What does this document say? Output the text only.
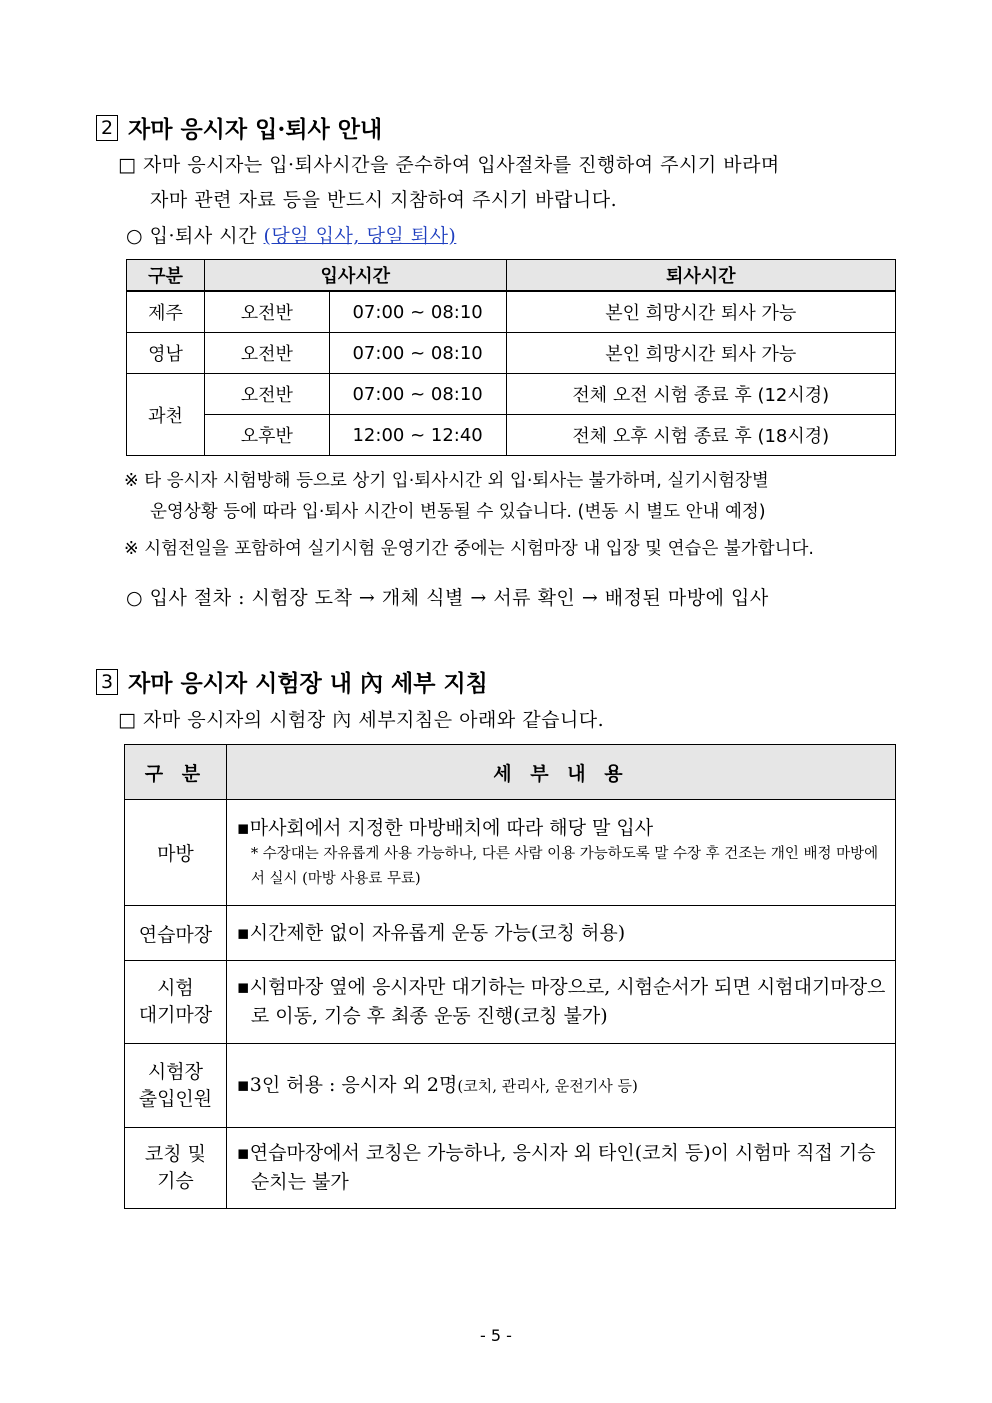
2 자마 응시자 입·퇴사 안내
□ 자마 응시자는 입·퇴사시간을 준수하여 입사절차를 진행하여 주시기 바라며
자마 관련 자료 등을 반드시 지참하여 주시기 바랍니다.
○ 입·퇴사 시간 (당일 입사, 당일 퇴사)
구분	입사시간		퇴사시간
제주	오전반	07:00 ~ 08:10	본인 희망시간 퇴사 가능
영남	오전반	07:00 ~ 08:10	본인 희망시간 퇴사 가능
과천	오전반	07:00 ~ 08:10	전체 오전 시험 종료 후 (12시경)
	오후반	12:00 ~ 12:40	전체 오후 시험 종료 후 (18시경)
※ 타 응시자 시험방해 등으로 상기 입·퇴사시간 외 입·퇴사는 불가하며, 실기시험장별
운영상황 등에 따라 입·퇴사 시간이 변동될 수 있습니다. (변동 시 별도 안내 예정)
※ 시험전일을 포함하여 실기시험 운영기간 중에는 시험마장 내 입장 및 연습은 불가합니다.
○ 입사 절차 : 시험장 도착 → 개체 식별 → 서류 확인 → 배정된 마방에 입사
3 자마 응시자 시험장 내 內 세부 지침
□ 자마 응시자의 시험장 內 세부지침은 아래와 같습니다.
구 분	세 부 내 용
마방	▪마사회에서 지정한 마방배치에 따라 해당 말 입사
* 수장대는 자유롭게 사용 가능하나, 다른 사람 이용 가능하도록 말 수장 후 건조는 개인 배정 마방에서 실시 (마방 사용료 무료)

연습마장	▪시간제한 없이 자유롭게 운동 가능(코칭 허용)

시험
대기마장	▪시험마장 옆에 응시자만 대기하는 마장으로, 시험순서가 되면 시험대기마장으로 이동, 기승 후 최종 운동 진행(코칭 불가)

시험장
출입인원	▪3인 허용 : 응시자 외 2명(코치, 관리사, 운전기사 등)

코칭 및
기승	▪연습마장에서 코칭은 가능하나, 응시자 외 타인(코치 등)이 시험마 직접 기승순치는 불가
- 5 -
